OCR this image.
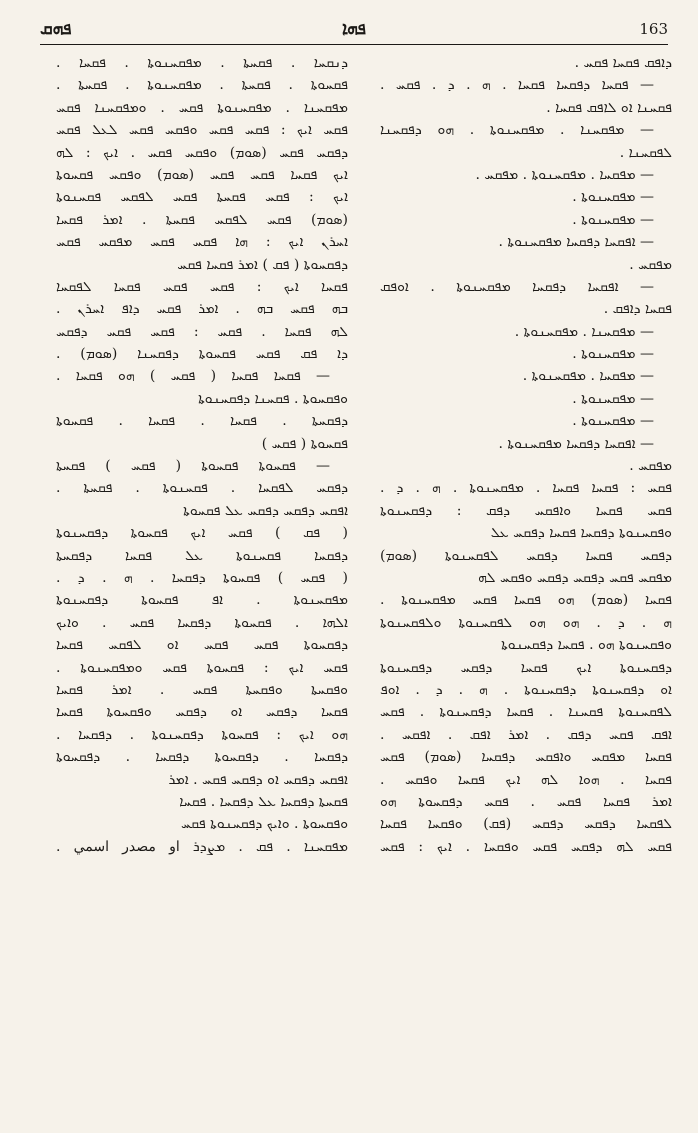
ܦܗܩ	ܦܗܐ	163
ܕܢܩܚܐ . ܦܩܚܬܐ . ܡܦܩܚܢܘܬܐ . ܦܩܚܐ .
ܦܩܚܘܬܐ . ܦܩܚܬܐ . ܡܦܩܚܢܘܬܐ . ܦܩܚܬܐ .
ܡܦܩܚܢܐ . ܡܦܩܚܢܘܬܐ ܦܩܚ . ܘܡܦܩܚܢܐ ܦܩܚ
ܦܩܚ ܐܝܟ : ܦܩܚ ܦܩܚ ܘܦܩܚ ܦܩܚ ܠܥܠ ܦܩܚ
ܕܦܩܚ ܦܩܚ (ܣܘܡ) ܘܦܩܚ ܦܩܚ . ܐܝܟ : ܠܗ
ܐܝܟ ܦܩܚܐ ܦܩܚ ܦܩܚ (ܣܘܡ) ܘܦܩܚ ܦܩܚܘܬܐ
ܐܝܟ : ܦܩܚ ܦܩܚܬܐ ܦܩܚ ܠܦܩܚ ܦܩܚܢܘܬܐ
(ܣܘܡ) ܦܩܚ ܠܦܩܚ ܦܩܚܬܐ . ܐܡܪ ܦܩܚܐ
ܐܚܪܢ ܐܝܟ : ܗܐ ܦܩܚ ܦܩܚ ܡܦܩܚ ܦܩܚ
ܕܦܩܚܘܬܐ ( ܦܩ ) ܐܡܪ ܦܩܚܐ ܦܩܚ
ܦܩܚܐ ܐܝܟ : ܦܩܚ ܦܩܚ ܦܩܚܐ ܠܦܩܚܐ
ܒܗ ܦܩܚ ܒܗ . ܐܡܪ ܦܩܚ ܕܐܦ ܐܚܪܢ .
ܠܗ ܦܩܚܐ . ܦܩܚ : ܦܩܚ ܦܩܚ ܕܦܩܚ
ܕܐ ܦܩ ܦܩܚ ܦܩܚܘܬܐ ܕܦܩܚܢܐ (ܣܘܡ) .
— ܦܩܚܐ ܦܩܚܐ ( ܦܩܚ ) ܗܘ ܦܩܚܐ .
ܘܦܩܚܘܬܐ . ܦܩܚܢܐ ܕܦܩܚܢܘܬܐ
ܕܦܩܚܬܐ . ܦܩܚܐ . ܦܩܚܐ . ܦܩܚܘܬܐ
ܦܩܚܘܬܐ ( ܦܩܚ )
— ܦܩܚܘܬܐ ܦܩܚܘܬܐ ( ܦܩܚ ) ܦܩܚܬܐ
ܕܦܩܚ ܠܦܩܚܐ . ܦܩܚܢܘܬܐ . ܦܩܚܬܐ .
ܐܦܩܚ ܕܦܩܚ ܕܦܩܚ ܥܠ ܦܩܚܘܬܐ
( ܦܩ ) ܦܩܚ ܐܝܟ ܦܩܚܘܬܐ ܕܦܩܚܢܘܬܐ
ܕܦܩܚܐ ܦܩܚܢܘܬܐ ܥܠ ܦܩܚܐ ܕܦܩܚܬܐ
( ܦܩܚ ) ܦܩܚܘܬܐ ܕܦܩܚܐ . ܗ . ܕ .
ܡܦܩܚܢܘܬܐ . ܐܦ ܦܩܚܘܬܐ ܕܦܩܚܢܘܬܐ
ܐܠܗܐ . ܦܩܚܘܬܐ ܕܦܩܚܐ ܦܩܚ . ܘܐܝܟ
ܕܦܩܚܘܬܐ ܦܩܚ ܦܩܚ ܐܘ ܠܦܩܚ ܦܩܚܐ
ܦܩܚ ܐܝܟ : ܦܩܚܘܬܐ ܦܩܚ ܘܡܦܩܚܢܘܬܐ .
ܘܦܩܚܬܐ ܘܦܩܚܬܐ ܦܩܚ . ܐܡܪ ܦܩܚܐ
ܦܩܚܐ ܕܦܩܚ ܐܘ ܕܦܩܚ ܘܦܩܚܘܬܐ ܦܩܚܐ
ܗܘ ܐܝܟ : ܦܩܚܘܬܐ ܕܦܩܚܢܘܬܐ . ܕܦܩܚܐ .
ܕܦܩܚܐ . ܕܦܩܚܘܬܐ ܕܦܩܚܐ . ܕܦܩܚܘܬܐ
ܐܦܩܚ ܕܦܩܚ ܐܘ ܕܦܩܚ ܦܩܚ . ܐܡܪ
ܦܩܚܬܐ ܕܦܩܚܐ ܥܠ ܕܦܩܚܐ . ܦܩܚܐ
ܘܦܩܚܘܬܐ . ܘܐܝܟ ܕܦܩܚܢܘܬܐ ܦܩܚ
ܡܦܩܚܢܐ . ܦܩ . ܡܨܕܪ او مصدر اسمي .
ܕܐܦܩ ܦܩܚܐ ܦܩܚ .
— ܦܩܚܐ ܕܦܩܚܐ ܦܩܚܐ . ܗ . ܕ . ܦܩܚ .
ܦܩܚܢܐ ܐܘ ܠܐܦܩ ܦܩܚܐ .
— ܡܦܩܚܢܐ . ܡܦܩܚܢܘܬܐ . ܗܘ ܕܦܩܚܢܐ
ܠܦܩܚܢܐ .
— ܡܦܩܚܐ . ܡܦܩܚܢܘܬܐ . ܡܦܩܚ .
— ܡܦܩܚܢܘܬܐ .
— ܡܦܩܚܢܘܬܐ .
— ܐܦܩܚܐ ܕܦܩܚܐ ܡܦܩܚܢܘܬܐ .
ܡܦܩܚ .
— ܐܦܩܚܐ ܕܦܩܚܐ ܡܦܩܚܢܘܬܐ . ܐܘܦܩ
ܦܩܚܐ ܕܐܦܩ .
— ܡܦܩܚܢܐ . ܡܦܩܚܢܘܬܐ .
— ܡܦܩܚܢܘܬܐ .
— ܡܦܩܚܐ . ܡܦܩܚܢܘܬܐ .
— ܡܦܩܚܢܘܬܐ .
— ܡܦܩܚܢܘܬܐ .
— ܐܦܩܚܐ ܕܦܩܚܐ ܡܦܩܚܢܘܬܐ .
ܡܦܩܚ .
ܦܩܚ : ܦܩܚܐ ܦܩܚܐ . ܡܦܩܚܢܘܬܐ . ܗ . ܕ .
ܦܩܚ ܦܩܚܐ ܘܐܦܩܚ ܕܦܩ : ܕܦܩܚܢܘܬܐ
ܘܦܩܚܢܘܬܐ ܕܦܩܚܐ ܦܩܚܐ ܕܦܩܚ ܥܠ
ܕܦܩܚ ܦܩܚܐ ܕܦܩܚ ܠܦܩܚܢܘܬܐ (ܣܘܡ)
ܡܦܩܚ ܦܩܚ ܕܦܩܚ ܕܦܩܚ ܘܦܩܚ ܠܗ
ܦܩܚܐ (ܣܘܡ) ܗܘ ܦܩܚܐ ܦܩܚ ܡܦܩܚܢܘܬܐ .
ܗ . ܕ . ܗܘ ܗܘ ܠܦܩܚܢܘܬܐ ܘܠܦܩܚܢܘܬܐ
ܘܦܩܚܢܘܬܐ ܗܘ . ܦܩܚܐ ܕܦܩܚܢܘܬܐ
ܕܦܩܚܢܘܬܐ ܐܝܟ ܦܩܚܐ ܕܦܩܚ ܕܦܩܚܢܘܬܐ
ܐܘ ܕܦܩܚܢܘܬܐ ܕܦܩܚܢܘܬܐ . ܗ . ܕ . ܐܘܦ
ܠܦܩܚܢܘܬܐ ܦܩܚܢܐ . ܦܩܚܐ ܕܦܩܚܢܘܬܐ . ܦܩܚ
ܐܦܩ ܦܩܚ ܕܦܩ . ܐܡܪ ܐܦܩ . ܐܦܩܚ .
ܦܩܚܐ ܡܦܩܚ ܘܐܦܩܚ ܕܦܩܚܐ (ܣܘܡ) ܦܩܚ
ܦܩܚܐ . ܗܘܐ ܠܗ ܐܝܟ ܦܩܚܐ ܘܦܩܚ .
ܐܡܪ ܦܩܚܐ ܦܩܚ . ܦܩܚ ܕܦܩܚܘܬܐ ܗܘ
ܠܦܩܚܐ ܕܦܩܚ ܕܦܩܚ (ܦܩ) ܘܦܩܚܐ ܦܩܚܐ
ܦܩܚ ܠܗ ܕܦܩܚ ܦܩܚ ܘܦܩܚܐ . ܐܝܟ : ܦܩܚ
